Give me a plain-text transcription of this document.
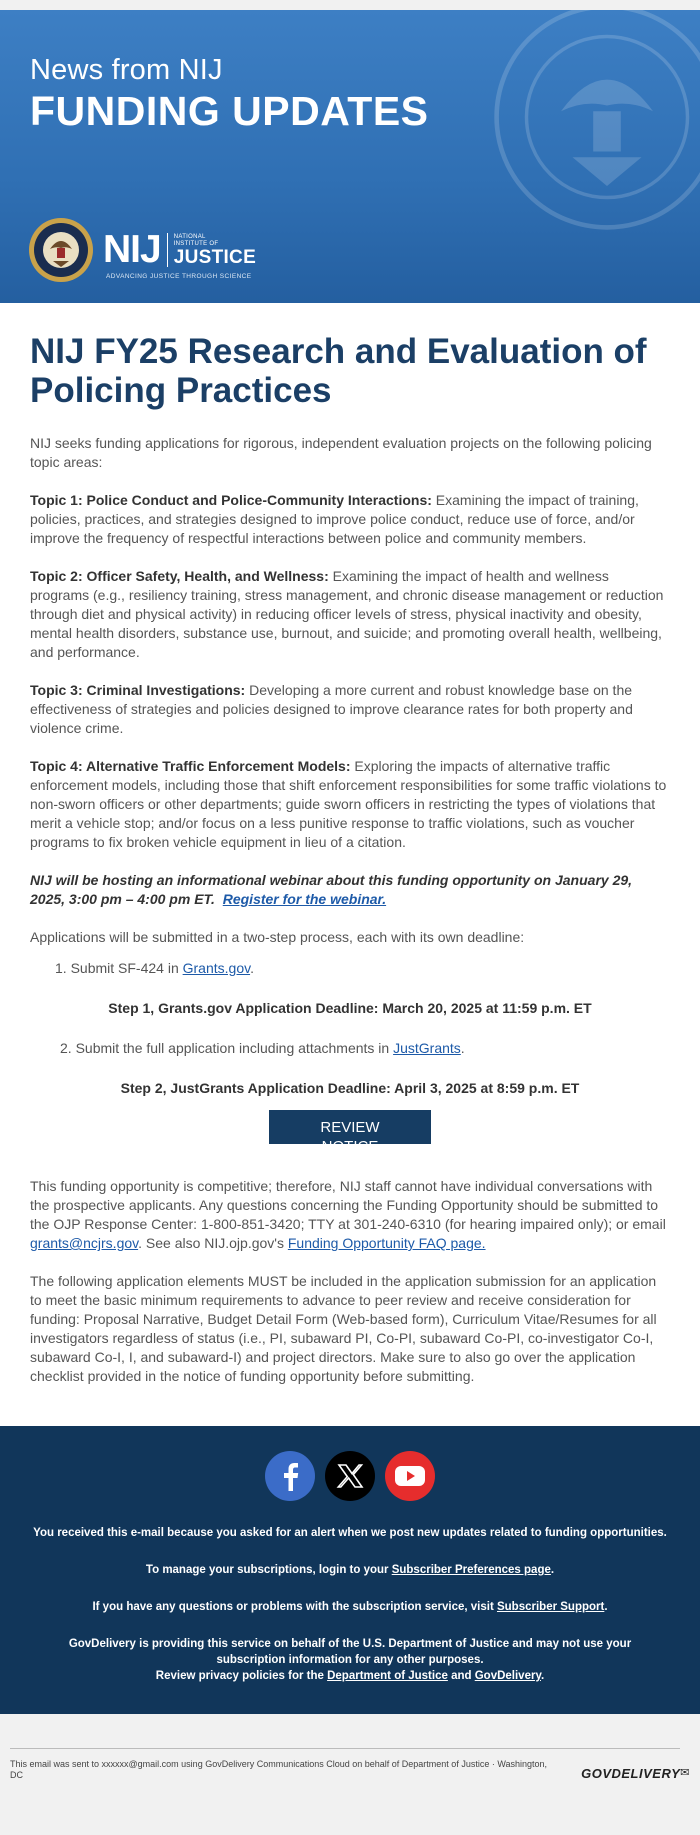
News from NIJ
FUNDING UPDATES
NIJ NATIONAL
INSTITUTE OF
JUSTICE
ADVANCING JUSTICE THROUGH SCIENCE
NIJ FY25 Research and Evaluation of Policing Practices

NIJ seeks funding applications for rigorous, independent evaluation projects on the following policing topic areas:

Topic 1: Police Conduct and Police-Community Interactions: Examining the impact of training, policies, practices, and strategies designed to improve police conduct, reduce use of force, and/or improve the frequency of respectful interactions between police and community members.

Topic 2: Officer Safety, Health, and Wellness: Examining the impact of health and wellness programs (e.g., resiliency training, stress management, and chronic disease management or reduction through diet and physical activity) in reducing officer levels of stress, physical inactivity and obesity, mental health disorders, substance use, burnout, and suicide; and promoting overall health, wellbeing, and performance.

Topic 3: Criminal Investigations: Developing a more current and robust knowledge base on the effectiveness of strategies and policies designed to improve clearance rates for both property and violence crime.

Topic 4: Alternative Traffic Enforcement Models: Exploring the impacts of alternative traffic enforcement models, including those that shift enforcement responsibilities for some traffic violations to non-sworn officers or other departments; guide sworn officers in restricting the types of violations that merit a vehicle stop; and/or focus on a less punitive response to traffic violations, such as voucher programs to fix broken vehicle equipment in lieu of a citation.

NIJ will be hosting an informational webinar about this funding opportunity on January 29, 2025, 3:00 pm – 4:00 pm ET. Register for the webinar.

Applications will be submitted in a two-step process, each with its own deadline:

1. Submit SF-424 in Grants.gov.

Step 1, Grants.gov Application Deadline: March 20, 2025 at 11:59 p.m. ET

2. Submit the full application including attachments in JustGrants.

Step 2, JustGrants Application Deadline: April 3, 2025 at 8:59 p.m. ET

REVIEW NOTICE

This funding opportunity is competitive; therefore, NIJ staff cannot have individual conversations with the prospective applicants. Any questions concerning the Funding Opportunity should be submitted to the OJP Response Center: 1-800-851-3420; TTY at 301-240-6310 (for hearing impaired only); or email grants@ncjrs.gov. See also NIJ.ojp.gov's Funding Opportunity FAQ page.

The following application elements MUST be included in the application submission for an application to meet the basic minimum requirements to advance to peer review and receive consideration for funding: Proposal Narrative, Budget Detail Form (Web-based form), Curriculum Vitae/Resumes for all investigators regardless of status (i.e., PI, subaward PI, Co-PI, subaward Co-PI, co-investigator Co-I, subaward Co-I, I, and subaward-I) and project directors. Make sure to also go over the application checklist provided in the notice of funding opportunity before submitting.

You received this e-mail because you asked for an alert when we post new updates related to funding opportunities.

To manage your subscriptions, login to your Subscriber Preferences page.

If you have any questions or problems with the subscription service, visit Subscriber Support.

GovDelivery is providing this service on behalf of the U.S. Department of Justice and may not use your subscription information for any other purposes.
Review privacy policies for the Department of Justice and GovDelivery.

This email was sent to xxxxxx@gmail.com using GovDelivery Communications Cloud on behalf of Department of Justice · Washington, DC	GOVDELIVERY✉
